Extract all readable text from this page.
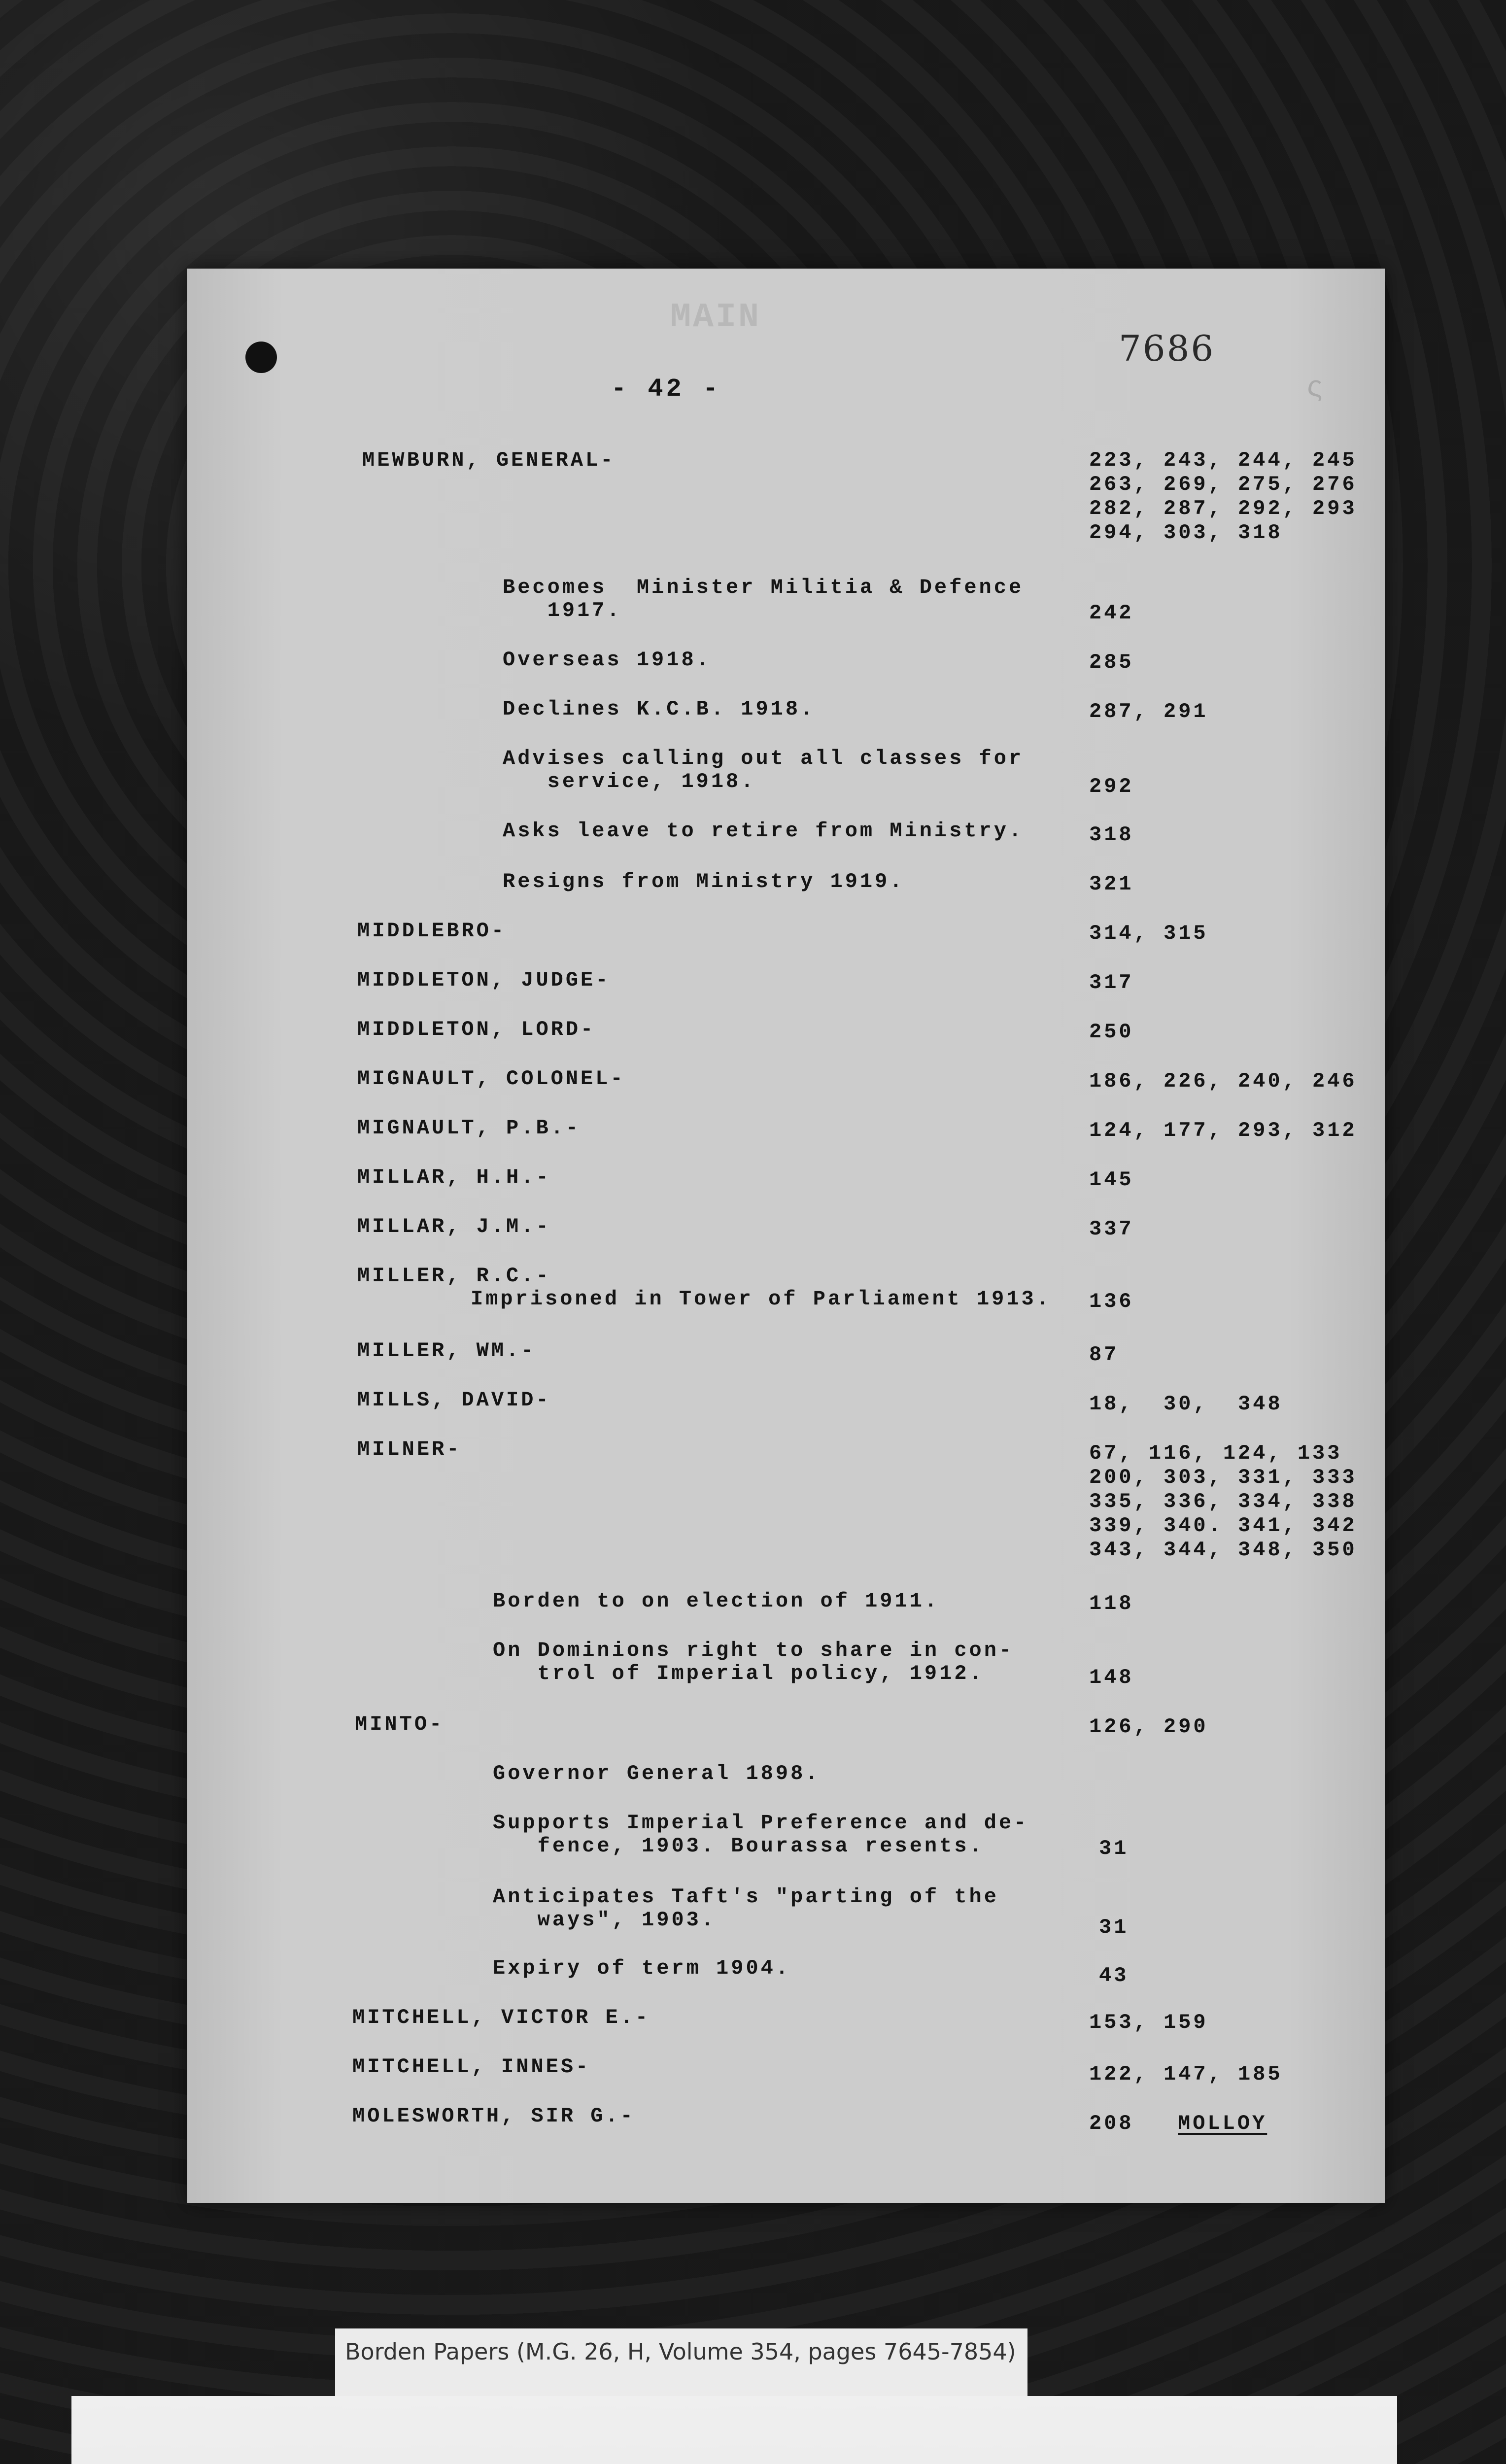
MAIN
7686
ς
- 42 -
MEWBURN, GENERAL-	223, 243, 244, 245
263, 269, 275, 276
282, 287, 292, 293
294, 303, 318
Becomes  Minister Militia & Defence
1917.	242
Overseas 1918.	285
Declines K.C.B. 1918.	287, 291
Advises calling out all classes for
service, 1918.	292
Asks leave to retire from Ministry.	318
Resigns from Ministry 1919.	321
MIDDLEBRO-	314, 315
MIDDLETON, JUDGE-	317
MIDDLETON, LORD-	250
MIGNAULT, COLONEL-	186, 226, 240, 246
MIGNAULT, P.B.-	124, 177, 293, 312
MILLAR, H.H.-	145
MILLAR, J.M.-	337
MILLER, R.C.-
Imprisoned in Tower of Parliament 1913. 136
MILLER, WM.-	87
MILLS, DAVID-	18,  30,  348
MILNER-	67, 116, 124, 133
200, 303, 331, 333
335, 336, 334, 338
339, 340. 341, 342
343, 344, 348, 350
Borden to on election of 1911.	118
On Dominions right to share in con-
trol of Imperial policy, 1912.	148
MINTO-	126, 290
Governor General 1898.
Supports Imperial Preference and de-
fence, 1903. Bourassa resents.	31
Anticipates Taft's "parting of the
ways", 1903.	31
Expiry of term 1904.	43
MITCHELL, VICTOR E.-	153, 159
MITCHELL, INNES-	122, 147, 185
MOLESWORTH, SIR G.-	208 MOLLOY
Borden Papers (M.G. 26, H, Volume 354, pages 7645-7854)
